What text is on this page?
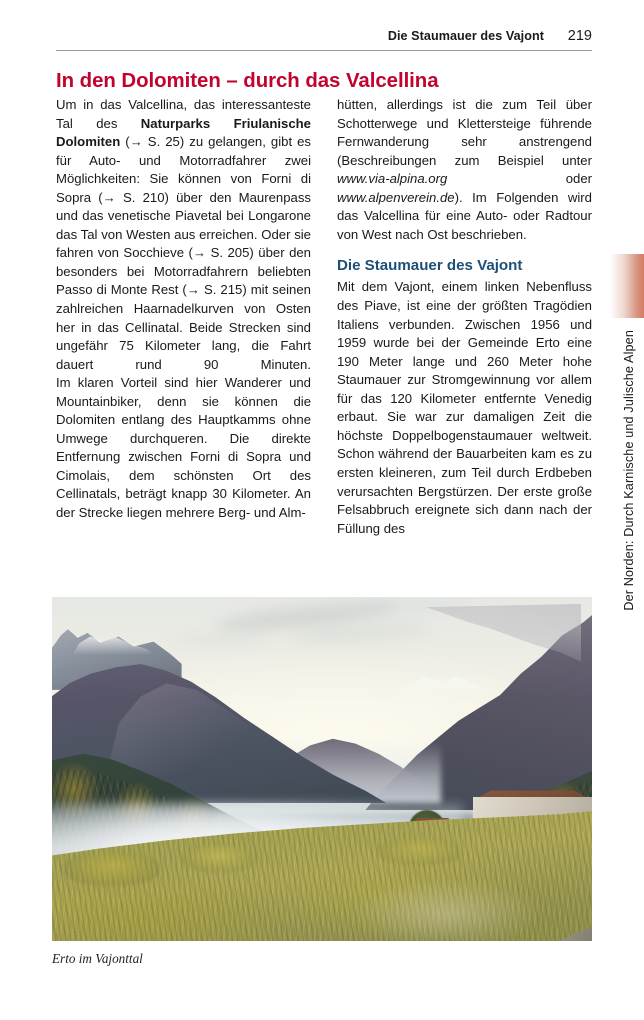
Die Staumauer des Vajont 219
In den Dolomiten – durch das Valcellina

Um in das Valcellina, das interessanteste Tal des Naturparks Friulanische Dolomiten (→ S. 25) zu gelangen, gibt es für Auto- und Motorradfahrer zwei Möglichkeiten: Sie können von Forni di Sopra (→ S. 210) über den Maurenpass und das venetische Piavetal bei Longarone das Tal von Westen aus erreichen. Oder sie fahren von Socchieve (→ S. 205) über den besonders bei Motorradfahrern beliebten Passo di Monte Rest (→ S. 215) mit seinen zahlreichen Haarnadelkurven von Osten her in das Cellinatal. Beide Strecken sind ungefähr 75 Kilometer lang, die Fahrt dauert rund 90 Minuten.

Im klaren Vorteil sind hier Wanderer und Mountainbiker, denn sie können die Dolomiten entlang des Hauptkamms ohne Umwege durchqueren. Die direkte Entfernung zwischen Forni di Sopra und Cimolais, dem schönsten Ort des Cellinatals, beträgt knapp 30 Kilometer. An der Strecke liegen mehrere Berg- und Alm-

hütten, allerdings ist die zum Teil über Schotterwege und Klettersteige führende Fernwanderung sehr anstrengend (Beschreibungen zum Beispiel unter www.via-alpina.org oder www.alpenverein.de). Im Folgenden wird das Valcellina für eine Auto- oder Radtour von West nach Ost beschrieben.

Die Staumauer des Vajont

Mit dem Vajont, einem linken Nebenfluss des Piave, ist eine der größten Tragödien Italiens verbunden. Zwischen 1956 und 1959 wurde bei der Gemeinde Erto eine 190 Meter lange und 260 Meter hohe Staumauer zur Stromgewinnung vor allem für das 120 Kilometer entfernte Venedig erbaut. Sie war zur damaligen Zeit die höchste Doppelbogenstaumauer weltweit. Schon während der Bauarbeiten kam es zu ersten kleineren, zum Teil durch Erdbeben verursachten Bergstürzen. Der erste große Felsabbruch ereignete sich dann nach der Füllung des

Erto im Vajonttal
Der Norden: Durch Karnische und Julische Alpen
